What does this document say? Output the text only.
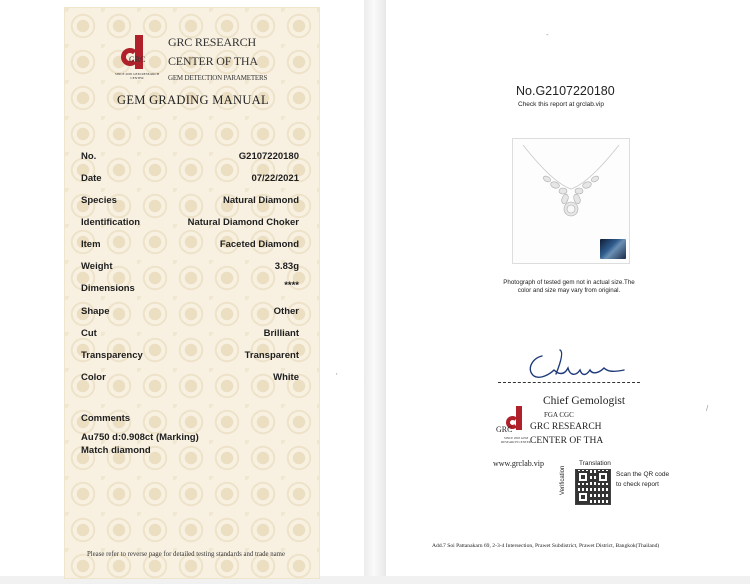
GRC
SINCE 2005 GEM RESEARCH CENTER
GRC RESEARCH
CENTER OF THA
GEM DETECTION PARAMETERS
GEM GRADING MANUAL
No.	G2107220180
Date	07/22/2021
Species	Natural Diamond
Identification	Natural Diamond Choker
Item	Faceted Diamond
Weight	3.83g
Dimensions	****
Shape	Other
Cut	Brilliant
Transparency	Transparent
Color	White
Comments
Au750 d:0.908ct (Marking)
Match diamond
Please refer to reverse page for detailed testing standards and trade name
'
-
No.G2107220180
Check this report at grclab.vip
Photograph of tested gem not in actual size.The
color and size may vary from original.
Chief Gemologist
FGA CGC
GRC
SINCE 2005 GEM RESEARCH CENTER
GRC RESEARCH
CENTER OF THA
www.grclab.vip	Translation
Verification	Scan the QR code to check report
/
Add.7 Soi Pattanakarn 69, 2-3-4 Intersection, Prawet Subdistrict, Prawet District, Bangkok(Thailand)
